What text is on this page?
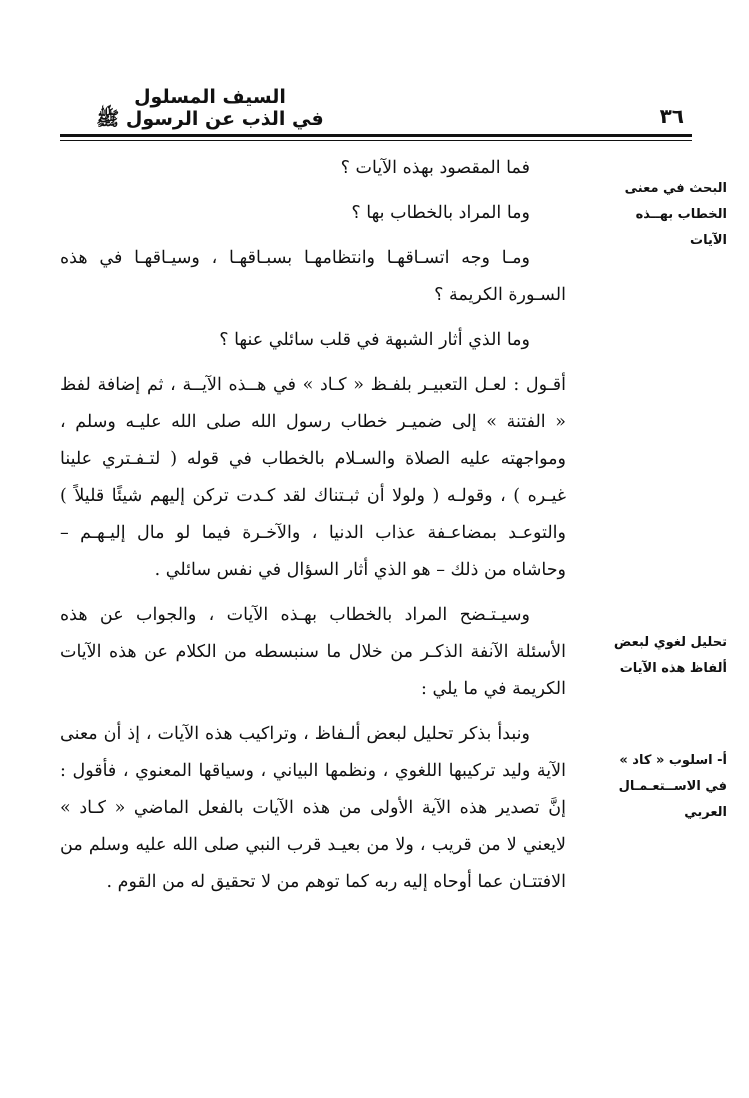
٣٦
السيف المسلول
في الذب عن الرسول ﷺ
البحث في معنى الخطاب بهــذه الآيات
تحليل لغوي لبعض ألفاظ هذه الآيات
أ- اسلوب « كاد » في الاســتعـمـال العربي

فما المقصود بهذه الآيات ؟

وما المراد بالخطاب بها ؟

ومـا وجه اتسـاقهـا وانتظامهـا بسبـاقهـا ، وسيـاقهـا في هذه السـورة الكريمة ؟

وما الذي أثار الشبهة في قلب سائلي عنها ؟

أقـول : لعـل التعبيـر بلفـظ « كـاد » في هــذه الآيــة ، ثم إضافة لفظ « الفتنة » إلى ضميـر خطاب رسول الله صلى الله عليـه وسلم ، ومواجهته عليه الصلاة والسـلام بالخطاب في قوله ( لتـفـتري علينا غيـره ) ، وقولـه ( ولولا أن ثبـتناك لقد كـدت تركن إليهم شيئًا قليلاً ) والتوعـد بمضاعـفة عذاب الدنيا ، والآخـرة فيما لو مال إليـهـم – وحاشاه من ذلك – هو الذي أثار السؤال في نفس سائلي .

وسيـتـضح المراد بالخطاب بهـذه الآيات ، والجواب عن هذه الأسئلة الآنفة الذكـر من خلال ما سنبسطه من الكلام عن هذه الآيات الكريمة في ما يلي :

ونبدأ بذكر تحليل لبعض ألـفاظ ، وتراكيب هذه الآيات ، إذ أن معنى الآية وليد تركيبها اللغوي ، ونظمها البياني ، وسياقها المعنوي ، فأقول : إنَّ تصدير هذه الآية الأولى من هذه الآيات بالفعل الماضي « كـاد » لايعني لا من قريب ، ولا من بعيـد قرب النبي صلى الله عليه وسلم من الافتتـان عما أوحاه إليه ربه كما توهم من لا تحقيق له من القوم .
